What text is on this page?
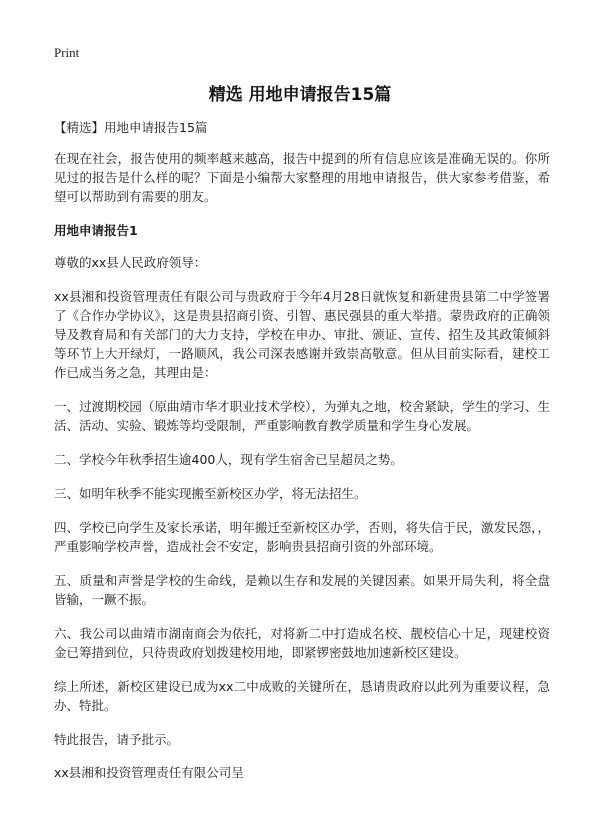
Print
精选 用地申请报告15篇

【精选】用地申请报告15篇

在现在社会，报告使用的频率越来越高，报告中提到的所有信息应该是准确无误的。你所见过的报告是什么样的呢？下面是小编帮大家整理的用地申请报告，供大家参考借鉴，希望可以帮助到有需要的朋友。

用地申请报告1

尊敬的xx县人民政府领导：

xx县湘和投资管理责任有限公司与贵政府于今年4月28日就恢复和新建贵县第二中学签署了《合作办学协议》，这是贵县招商引资、引智、惠民强县的重大举措。蒙贵政府的正确领导及教育局和有关部门的大力支持，学校在申办、审批、颁证、宣传、招生及其政策倾斜等环节上大开绿灯，一路顺风，我公司深表感谢并致崇高敬意。但从目前实际看，建校工作已成当务之急，其理由是：

一、过渡期校园（原曲靖市华才职业技术学校），为弹丸之地，校舍紧缺，学生的学习、生活、活动、实验、锻炼等均受限制，严重影响教育教学质量和学生身心发展。

二、学校今年秋季招生逾400人，现有学生宿舍已呈超员之势。

三、如明年秋季不能实现搬至新校区办学，将无法招生。

四、学校已向学生及家长承诺，明年搬迁至新校区办学，否则，将失信于民，激发民怨，，严重影响学校声誉，造成社会不安定，影响贵县招商引资的外部环境。

五、质量和声誉是学校的生命线，是赖以生存和发展的关键因素。如果开局失利，将全盘皆输，一蹶不振。

六、我公司以曲靖市湖南商会为依托，对将新二中打造成名校、靓校信心十足，现建校资金已筹措到位，只待贵政府划拨建校用地，即紧锣密鼓地加速新校区建设。

综上所述，新校区建设已成为xx二中成败的关键所在，恳请贵政府以此列为重要议程，急办、特批。

特此报告，请予批示。

xx县湘和投资管理责任有限公司呈
